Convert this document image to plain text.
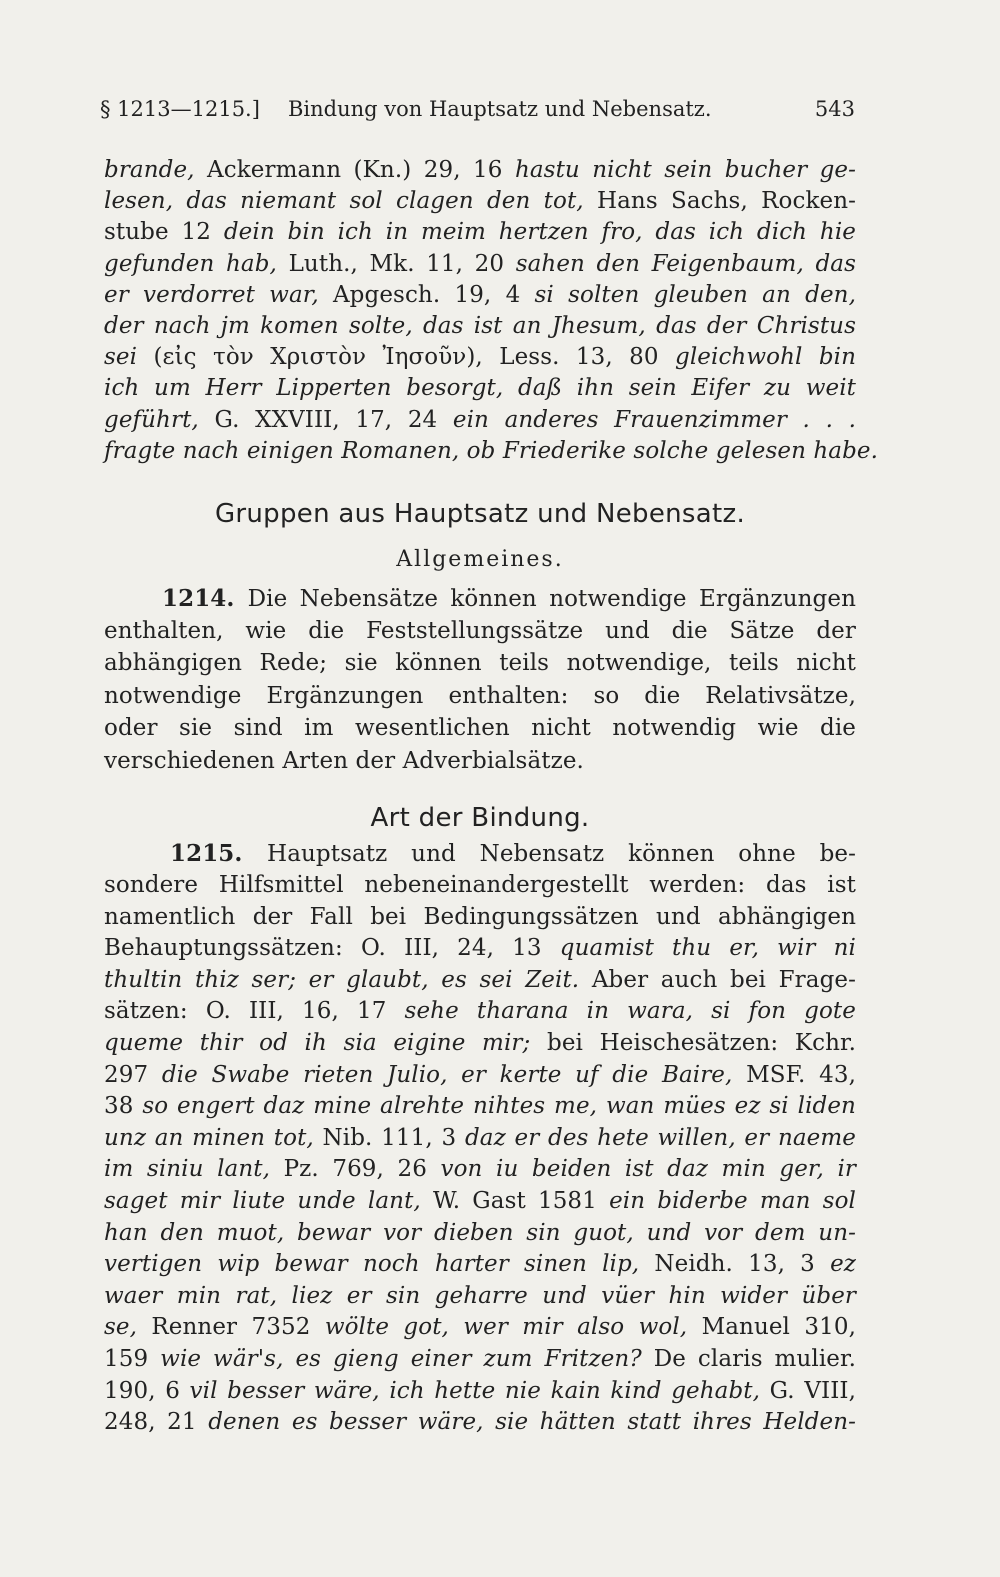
§ 1213—1215.] Bindung von Hauptsatz und Nebensatz.	543
brande, Ackermann (Kn.) 29, 16 hastu nicht sein bucher ge-
lesen, das niemant sol clagen den tot, Hans Sachs, Rocken-
stube 12 dein bin ich in meim hertzen fro, das ich dich hie
gefunden hab, Luth., Mk. 11, 20 sahen den Feigenbaum, das
er verdorret war, Apgesch. 19, 4 si solten gleuben an den,
der nach jm komen solte, das ist an Jhesum, das der Christus
sei (εἰς τὸν Χριστὸν Ἰησοῦν), Less. 13, 80 gleichwohl bin
ich um Herr Lipperten besorgt, daß ihn sein Eifer zu weit
geführt, G. XXVIII, 17, 24 ein anderes Frauenzimmer . . .
fragte nach einigen Romanen, ob Friederike solche gelesen habe.
Gruppen aus Hauptsatz und Nebensatz.
Allgemeines.
1214. Die Nebensätze können notwendige Ergänzungen
enthalten, wie die Feststellungssätze und die Sätze der
abhängigen Rede; sie können teils notwendige, teils nicht
notwendige Ergänzungen enthalten: so die Relativsätze,
oder sie sind im wesentlichen nicht notwendig wie die
verschiedenen Arten der Adverbialsätze.
Art der Bindung.
1215. Hauptsatz und Nebensatz können ohne be-
sondere Hilfsmittel nebeneinandergestellt werden: das ist
namentlich der Fall bei Bedingungssätzen und abhängigen
Behauptungssätzen: O. III, 24, 13 quamist thu er, wir ni
thultin thiz ser; er glaubt, es sei Zeit. Aber auch bei Frage-
sätzen: O. III, 16, 17 sehe tharana in wara, si fon gote
queme thir od ih sia eigine mir; bei Heischesätzen: Kchr.
297 die Swabe rieten Julio, er kerte uf die Baire, MSF. 43,
38 so engert daz mine alrehte nihtes me, wan mües ez si liden
unz an minen tot, Nib. 111, 3 daz er des hete willen, er naeme
im siniu lant, Pz. 769, 26 von iu beiden ist daz min ger, ir
saget mir liute unde lant, W. Gast 1581 ein biderbe man sol
han den muot, bewar vor dieben sin guot, und vor dem un-
vertigen wip bewar noch harter sinen lip, Neidh. 13, 3 ez
waer min rat, liez er sin geharre und vüer hin wider über
se, Renner 7352 wölte got, wer mir also wol, Manuel 310,
159 wie wär's, es gieng einer zum Fritzen? De claris mulier.
190, 6 vil besser wäre, ich hette nie kain kind gehabt, G. VIII,
248, 21 denen es besser wäre, sie hätten statt ihres Helden-
